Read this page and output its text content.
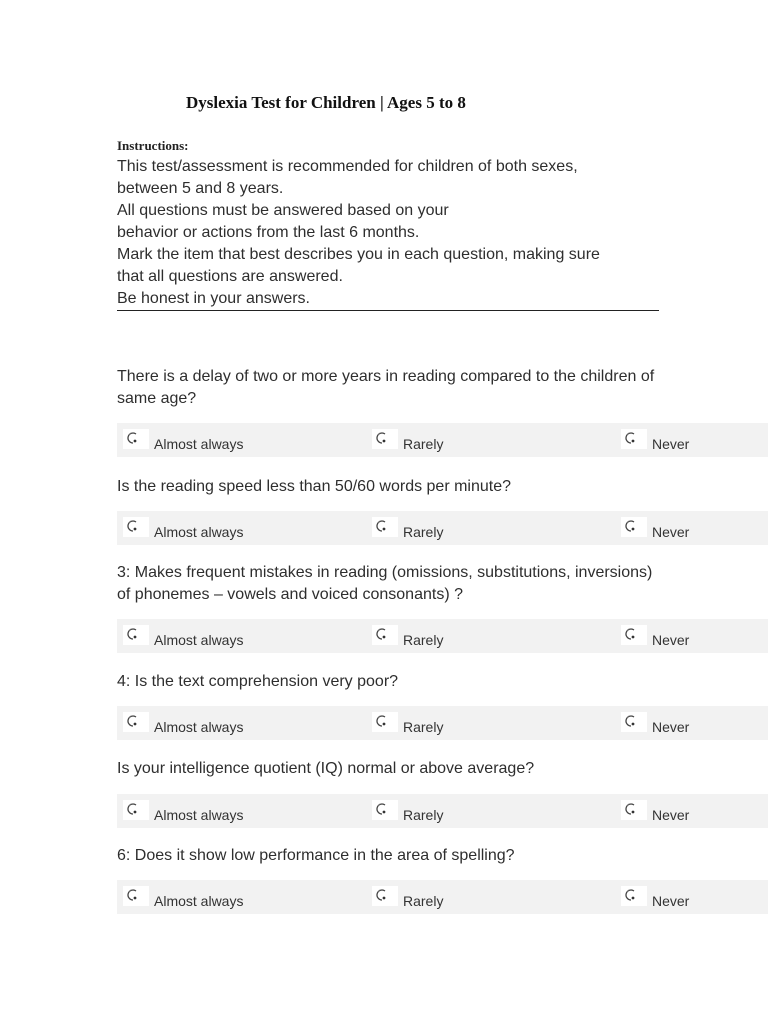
Dyslexia Test for Children | Ages 5 to 8
Instructions:
This test/assessment is recommended for children of both sexes,
between 5 and 8 years.
All questions must be answered based on your
behavior or actions from the last 6 months.
Mark the item that best describes you in each question, making sure
that all questions are answered.
Be honest in your answers.
There is a delay of two or more years in reading compared to the children of
same age?
Almost always	Rarely	Never
Is the reading speed less than 50/60 words per minute?
Almost always	Rarely	Never
3: Makes frequent mistakes in reading (omissions, substitutions, inversions)
of phonemes – vowels and voiced consonants) ?
Almost always	Rarely	Never
4: Is the text comprehension very poor?
Almost always	Rarely	Never
Is your intelligence quotient (IQ) normal or above average?
Almost always	Rarely	Never
6: Does it show low performance in the area of spelling?
Almost always	Rarely	Never
